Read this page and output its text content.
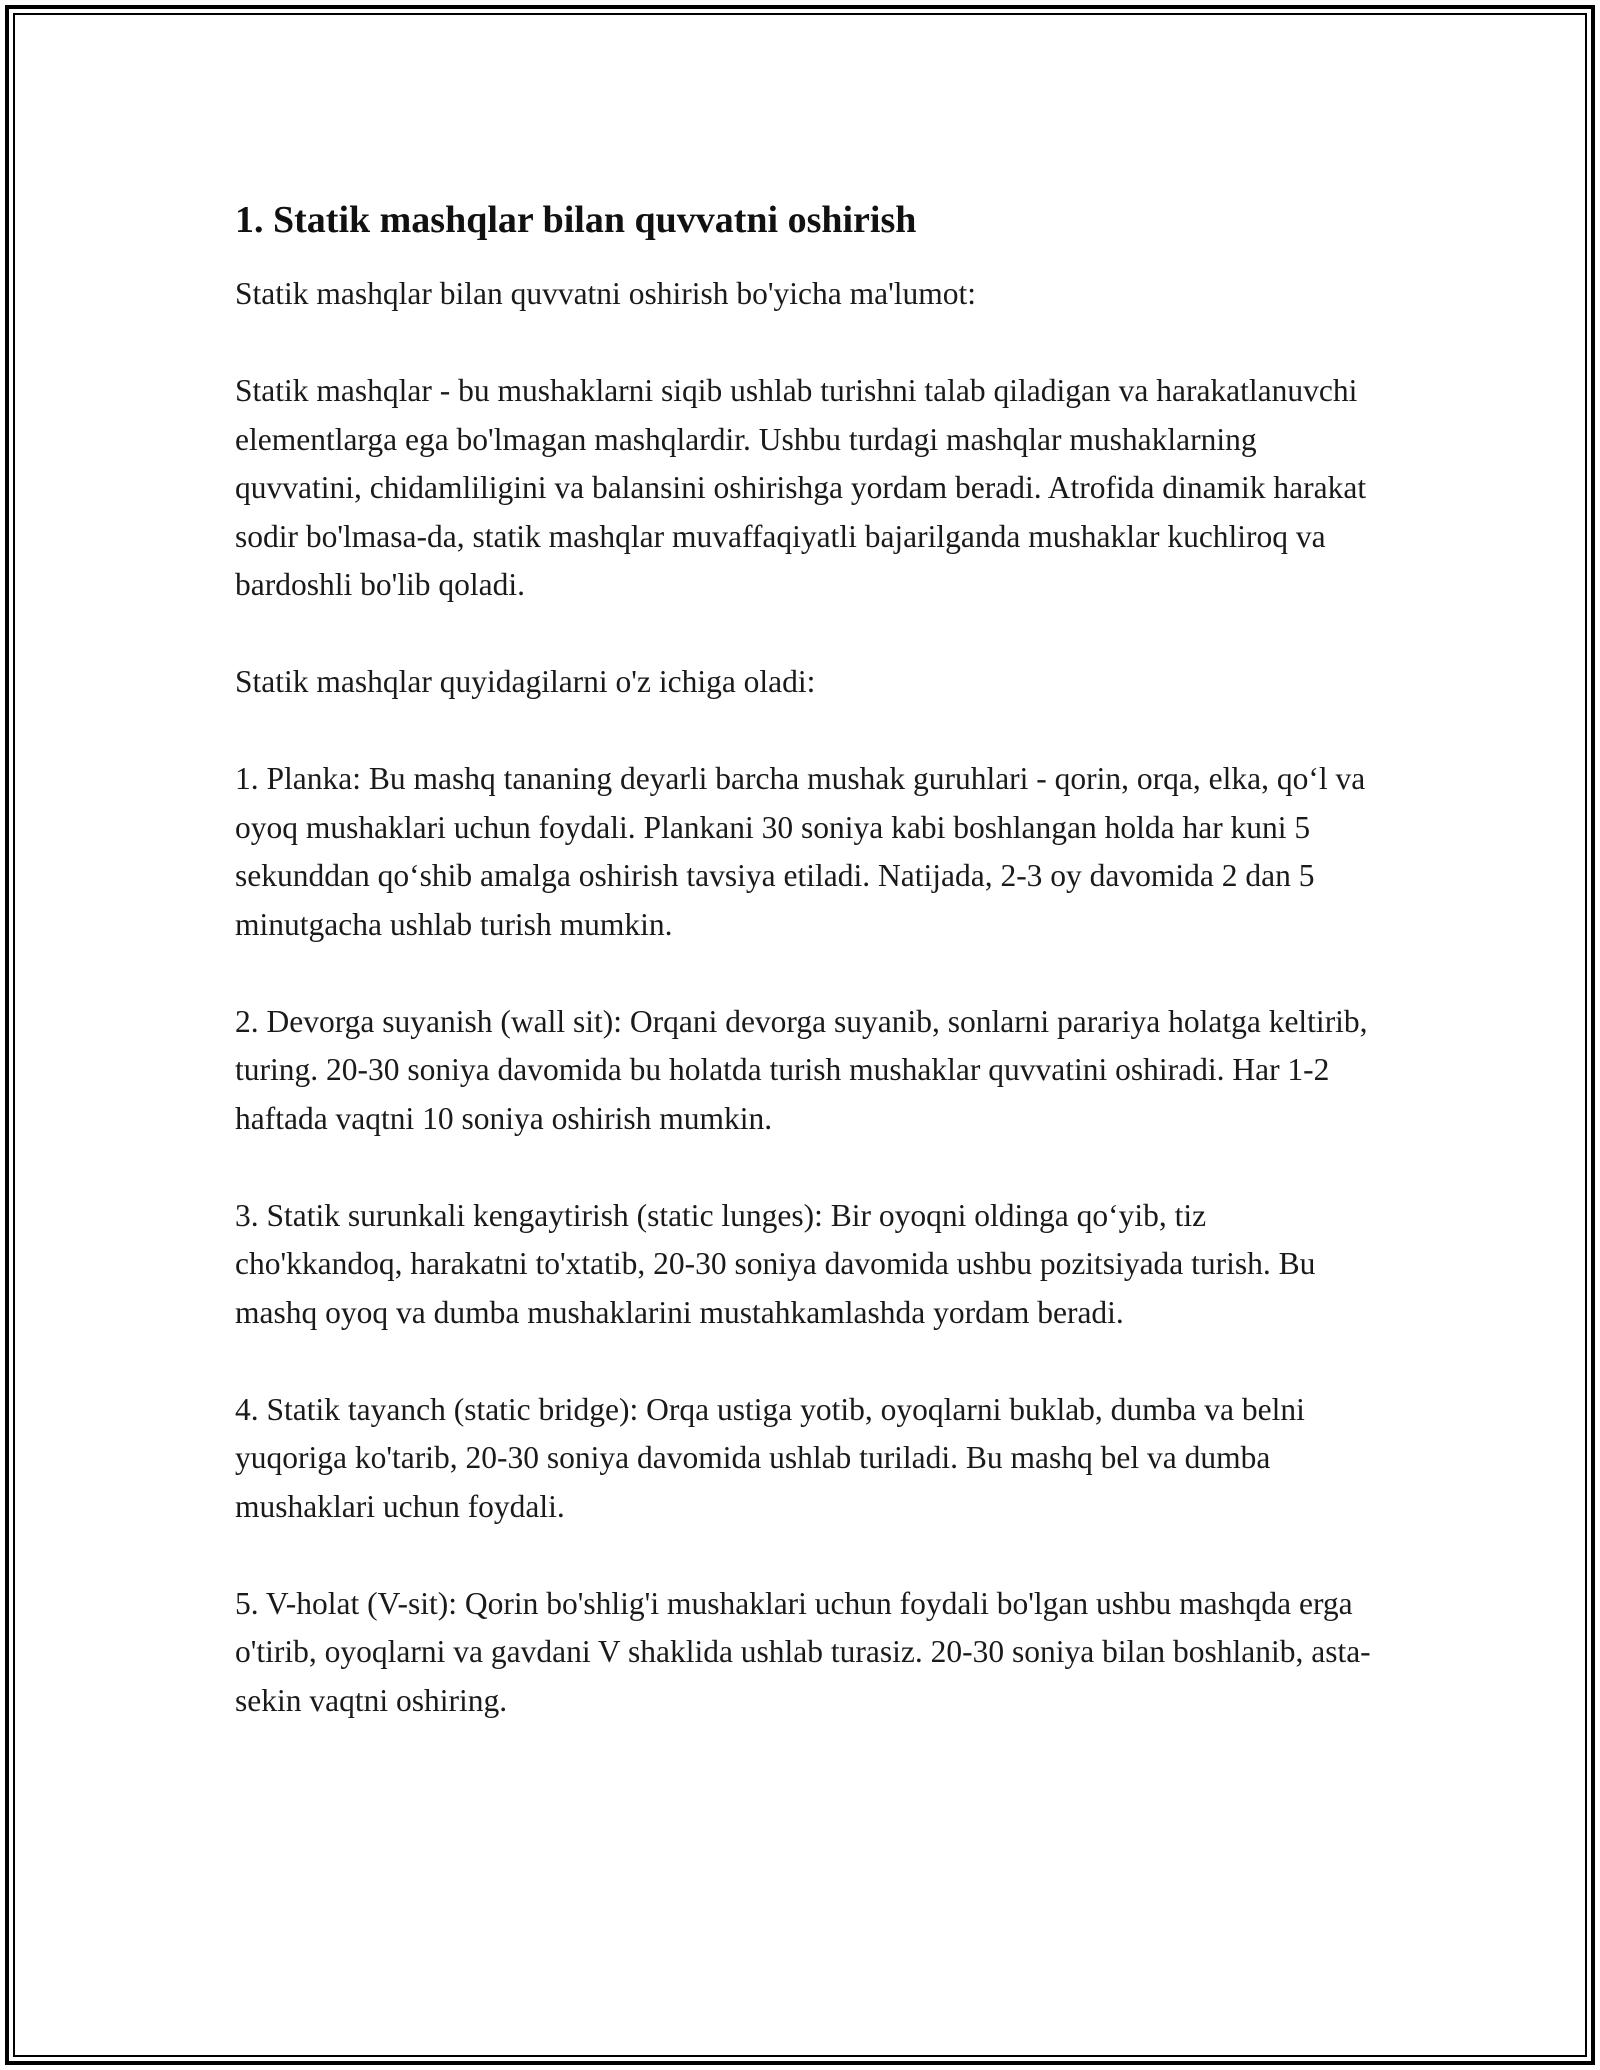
1. Statik mashqlar bilan quvvatni oshirish

Statik mashqlar bilan quvvatni oshirish bo'yicha ma'lumot:

Statik mashqlar - bu mushaklarni siqib ushlab turishni talab qiladigan va harakatlanuvchi elementlarga ega bo'lmagan mashqlardir. Ushbu turdagi mashqlar mushaklarning quvvatini, chidamliligini va balansini oshirishga yordam beradi. Atrofida dinamik harakat sodir bo'lmasa-da, statik mashqlar muvaffaqiyatli bajarilganda mushaklar kuchliroq va bardoshli bo'lib qoladi.

Statik mashqlar quyidagilarni o'z ichiga oladi:

1. Planka: Bu mashq tananing deyarli barcha mushak guruhlari - qorin, orqa, elka, qo‘l va oyoq mushaklari uchun foydali. Plankani 30 soniya kabi boshlangan holda har kuni 5 sekunddan qo‘shib amalga oshirish tavsiya etiladi. Natijada, 2-3 oy davomida 2 dan 5 minutgacha ushlab turish mumkin.

2. Devorga suyanish (wall sit): Orqani devorga suyanib, sonlarni parariya holatga keltirib, turing. 20-30 soniya davomida bu holatda turish mushaklar quvvatini oshiradi. Har 1-2 haftada vaqtni 10 soniya oshirish mumkin.

3. Statik surunkali kengaytirish (static lunges): Bir oyoqni oldinga qo‘yib, tiz cho'kkandoq, harakatni to'xtatib, 20-30 soniya davomida ushbu pozitsiyada turish. Bu mashq oyoq va dumba mushaklarini mustahkamlashda yordam beradi.

4. Statik tayanch (static bridge): Orqa ustiga yotib, oyoqlarni buklab, dumba va belni yuqoriga ko'tarib, 20-30 soniya davomida ushlab turiladi. Bu mashq bel va dumba mushaklari uchun foydali.

5. V-holat (V-sit): Qorin bo'shlig'i mushaklari uchun foydali bo'lgan ushbu mashqda erga o'tirib, oyoqlarni va gavdani V shaklida ushlab turasiz. 20-30 soniya bilan boshlanib, asta-sekin vaqtni oshiring.
